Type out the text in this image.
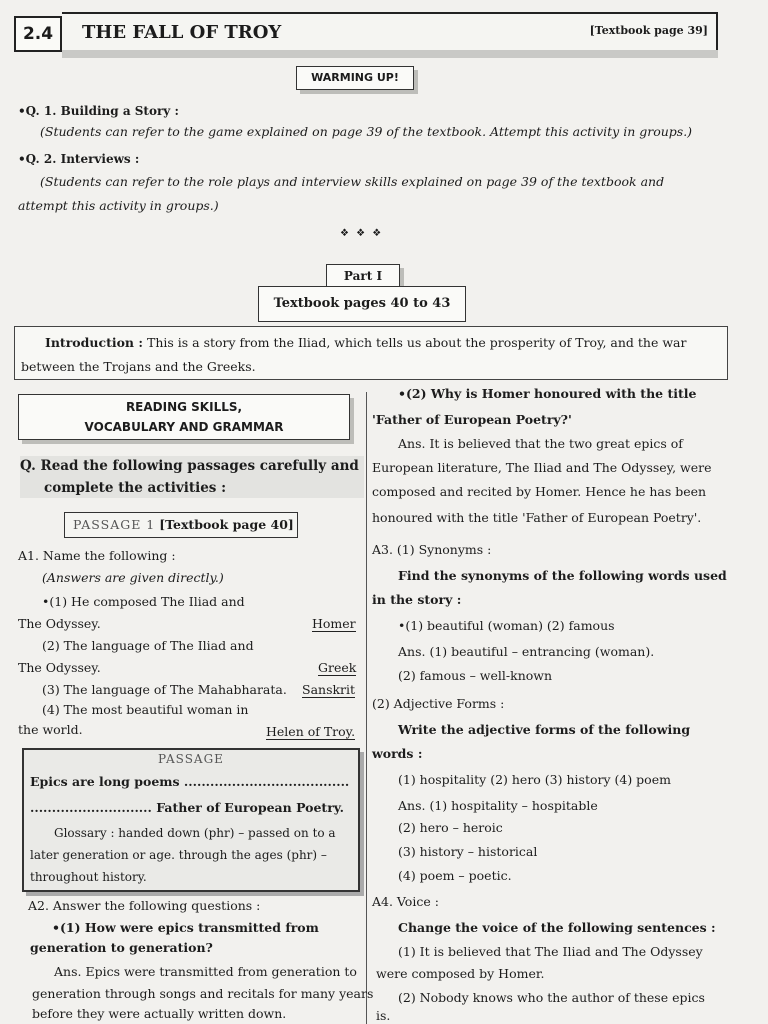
2.4	THE FALL OF TROY	[Textbook page 39]
WARMING UP!
•Q. 1. Building a Story :
(Students can refer to the game explained on page 39 of the textbook. Attempt this activity in groups.)
•Q. 2. Interviews :
(Students can refer to the role plays and interview skills explained on page 39 of the textbook and
attempt this activity in groups.)
❖ ❖ ❖
Part I
Textbook pages 40 to 43
Introduction : This is a story from the Iliad, which tells us about the prosperity of Troy, and the war
between the Trojans and the Greeks.
READING SKILLS,
VOCABULARY AND GRAMMAR
Q. Read the following passages carefully and
complete the activities :
PASSAGE 1 [Textbook page 40]
A1. Name the following :
(Answers are given directly.)
•(1) He composed The Iliad and
The Odyssey.	Homer
(2) The language of The Iliad and
The Odyssey.	Greek
(3) The language of The Mahabharata. Sanskrit
(4) The most beautiful woman in
the world.	Helen of Troy.
PASSAGE
Epics are long poems ......................................
............................ Father of European Poetry.
Glossary : handed down (phr) – passed on to a
later generation or age. through the ages (phr) –
throughout history.
A2. Answer the following questions :
•(1) How were epics transmitted from
generation to generation?
Ans. Epics were transmitted from generation to
generation through songs and recitals for many years
before they were actually written down.
•(2) Why is Homer honoured with the title
'Father of European Poetry?'
Ans. It is believed that the two great epics of
European literature, The Iliad and The Odyssey, were
composed and recited by Homer. Hence he has been
honoured with the title 'Father of European Poetry'.
A3. (1) Synonyms :
Find the synonyms of the following words used
in the story :
•(1) beautiful (woman) (2) famous
Ans. (1) beautiful – entrancing (woman).
(2) famous – well-known
(2) Adjective Forms :
Write the adjective forms of the following
words :
(1) hospitality (2) hero (3) history (4) poem
Ans. (1) hospitality – hospitable
(2) hero – heroic
(3) history – historical
(4) poem – poetic.
A4. Voice :
Change the voice of the following sentences :
(1) It is believed that The Iliad and The Odyssey
were composed by Homer.
(2) Nobody knows who the author of these epics
is.
